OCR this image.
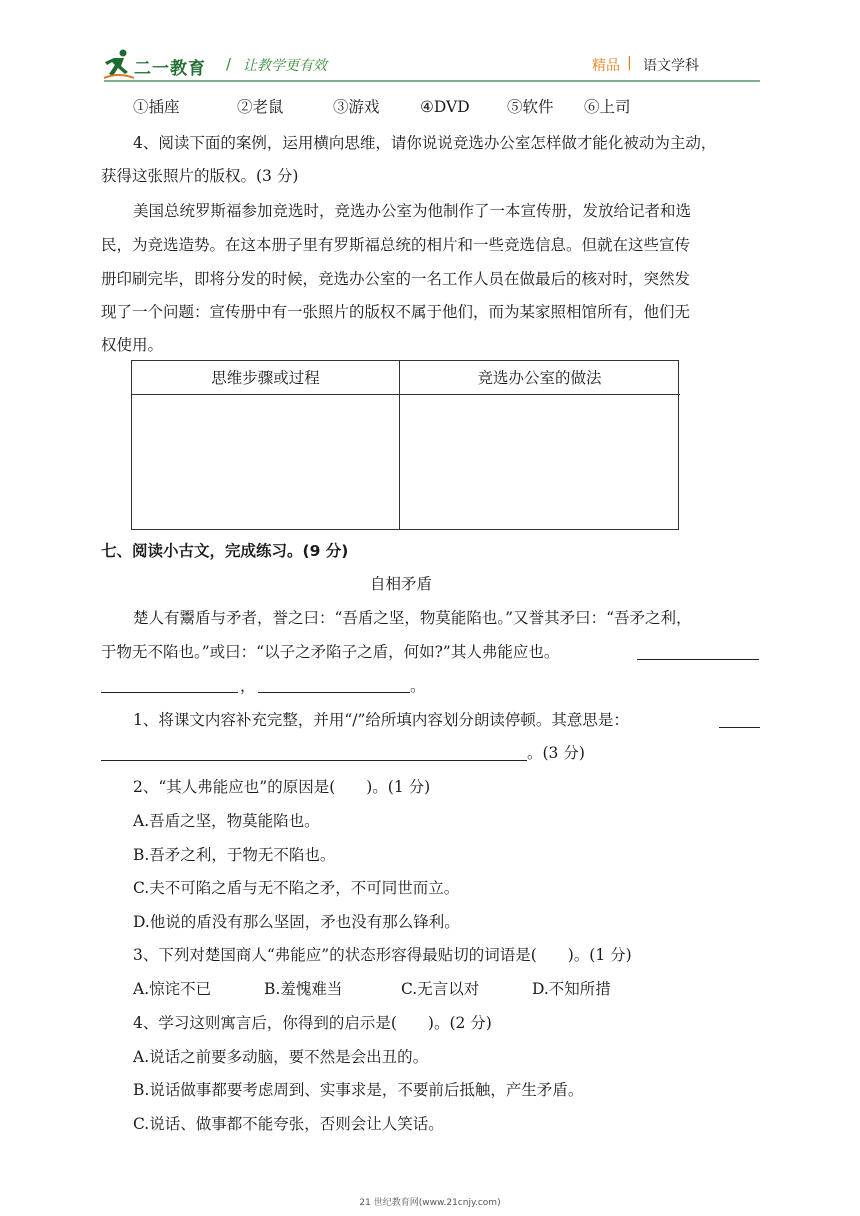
二一教育 / 让教学更有效	精品 | 语文学科
①插座	②老鼠	③游戏	④DVD ⑤软件 ⑥上司
4、阅读下面的案例，运用横向思维，请你说说竞选办公室怎样做才能化被动为主动，
获得这张照片的版权。(3 分)
美国总统罗斯福参加竞选时，竞选办公室为他制作了一本宣传册，发放给记者和选
民，为竞选造势。在这本册子里有罗斯福总统的相片和一些竞选信息。但就在这些宣传
册印刷完毕，即将分发的时候，竞选办公室的一名工作人员在做最后的核对时，突然发
现了一个问题：宣传册中有一张照片的版权不属于他们，而为某家照相馆所有，他们无
权使用。
思维步骤或过程	竞选办公室的做法
七、阅读小古文，完成练习。(9 分)
自相矛盾
楚人有鬻盾与矛者，誉之曰：“吾盾之坚，物莫能陷也。”又誉其矛曰：“吾矛之利，
于物无不陷也。”或曰：“以子之矛陷子之盾，何如?”其人弗能应也。
，	。
1、将课文内容补充完整，并用“/”给所填内容划分朗读停顿。其意思是：
。(3 分)
2、“其人弗能应也”的原因是(　　)。(1 分)
A.吾盾之坚，物莫能陷也。
B.吾矛之利，于物无不陷也。
C.夫不可陷之盾与无不陷之矛，不可同世而立。
D.他说的盾没有那么坚固，矛也没有那么锋利。
3、下列对楚国商人“弗能应”的状态形容得最贴切的词语是(　　)。(1 分)
A.惊诧不已	B.羞愧难当	C.无言以对	D.不知所措
4、学习这则寓言后，你得到的启示是(　　)。(2 分)
A.说话之前要多动脑，要不然是会出丑的。
B.说话做事都要考虑周到、实事求是，不要前后抵触，产生矛盾。
C.说话、做事都不能夸张，否则会让人笑话。
21 世纪教育网(www.21cnjy.com)
